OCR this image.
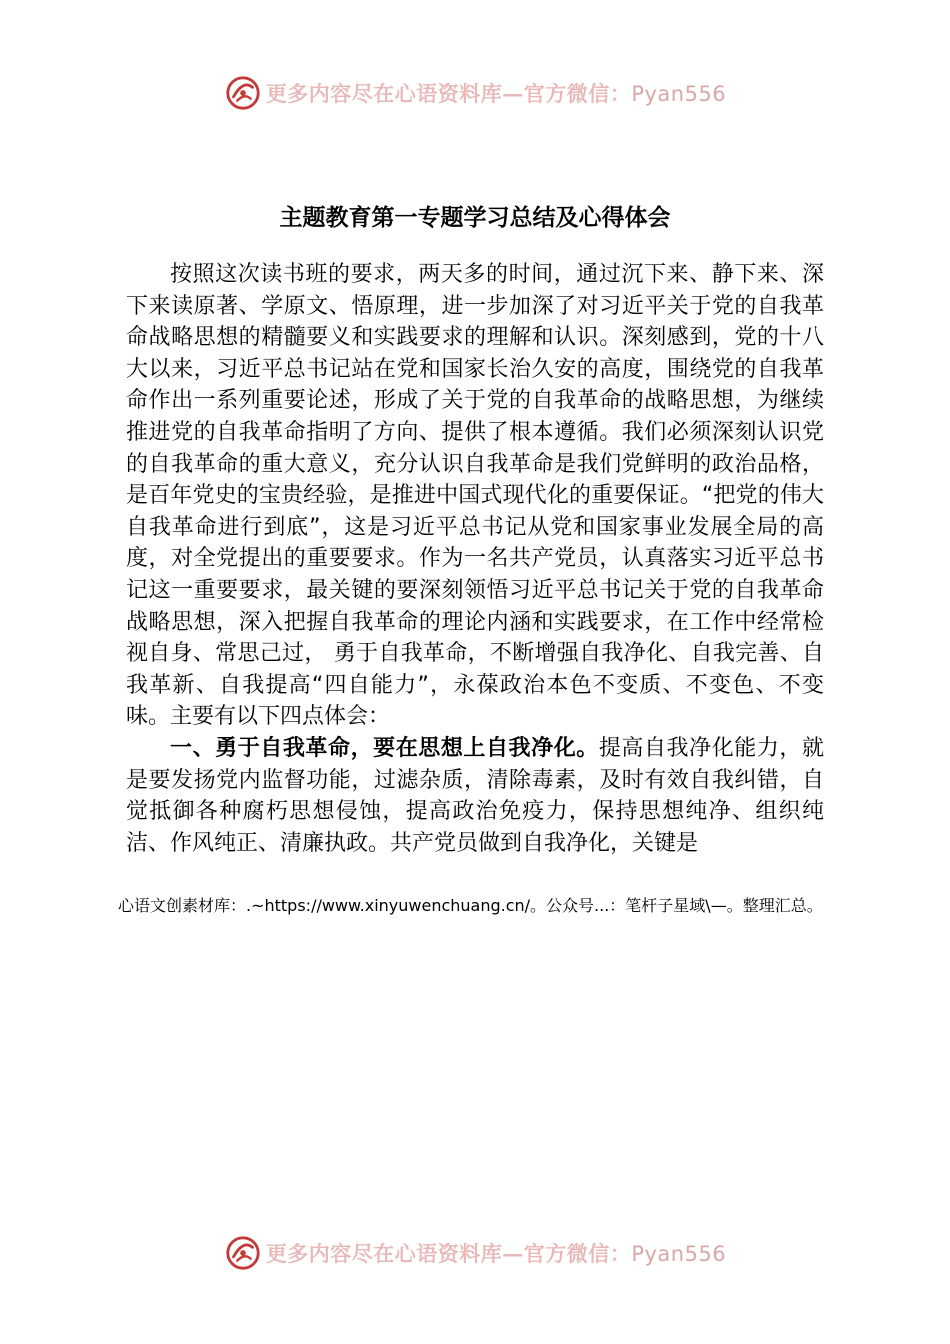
更多内容尽在心语资料库—官方微信：Pyan556
主题教育第一专题学习总结及心得体会

按照这次读书班的要求，两天多的时间，通过沉下来、静下来、深下来读原著、学原文、悟原理，进一步加深了对习近平关于党的自我革命战略思想的精髓要义和实践要求的理解和认识。深刻感到，党的十八大以来，习近平总书记站在党和国家长治久安的高度，围绕党的自我革命作出一系列重要论述，形成了关于党的自我革命的战略思想，为继续推进党的自我革命指明了方向、提供了根本遵循。我们必须深刻认识党的自我革命的重大意义，充分认识自我革命是我们党鲜明的政治品格，是百年党史的宝贵经验，是推进中国式现代化的重要保证。“把党的伟大自我革命进行到底”，这是习近平总书记从党和国家事业发展全局的高度，对全党提出的重要要求。作为一名共产党员，认真落实习近平总书记这一重要要求，最关键的要深刻领悟习近平总书记关于党的自我革命战略思想，深入把握自我革命的理论内涵和实践要求，在工作中经常检视自身、常思己过， 勇于自我革命，不断增强自我净化、自我完善、自我革新、自我提高“四自能力”，永葆政治本色不变质、不变色、不变味。主要有以下四点体会：

一、勇于自我革命，要在思想上自我净化。提高自我净化能力，就是要发扬党内监督功能，过滤杂质，清除毒素，及时有效自我纠错，自觉抵御各种腐朽思想侵蚀，提高政治免疫力，保持思想纯净、组织纯洁、作风纯正、清廉执政。共产党员做到自我净化，关键是

心语文创素材库：.~https://www.xinyuwenchuang.cn/。公众号...：笔杆子星域\—。整理汇总。
更多内容尽在心语资料库—官方微信：Pyan556
